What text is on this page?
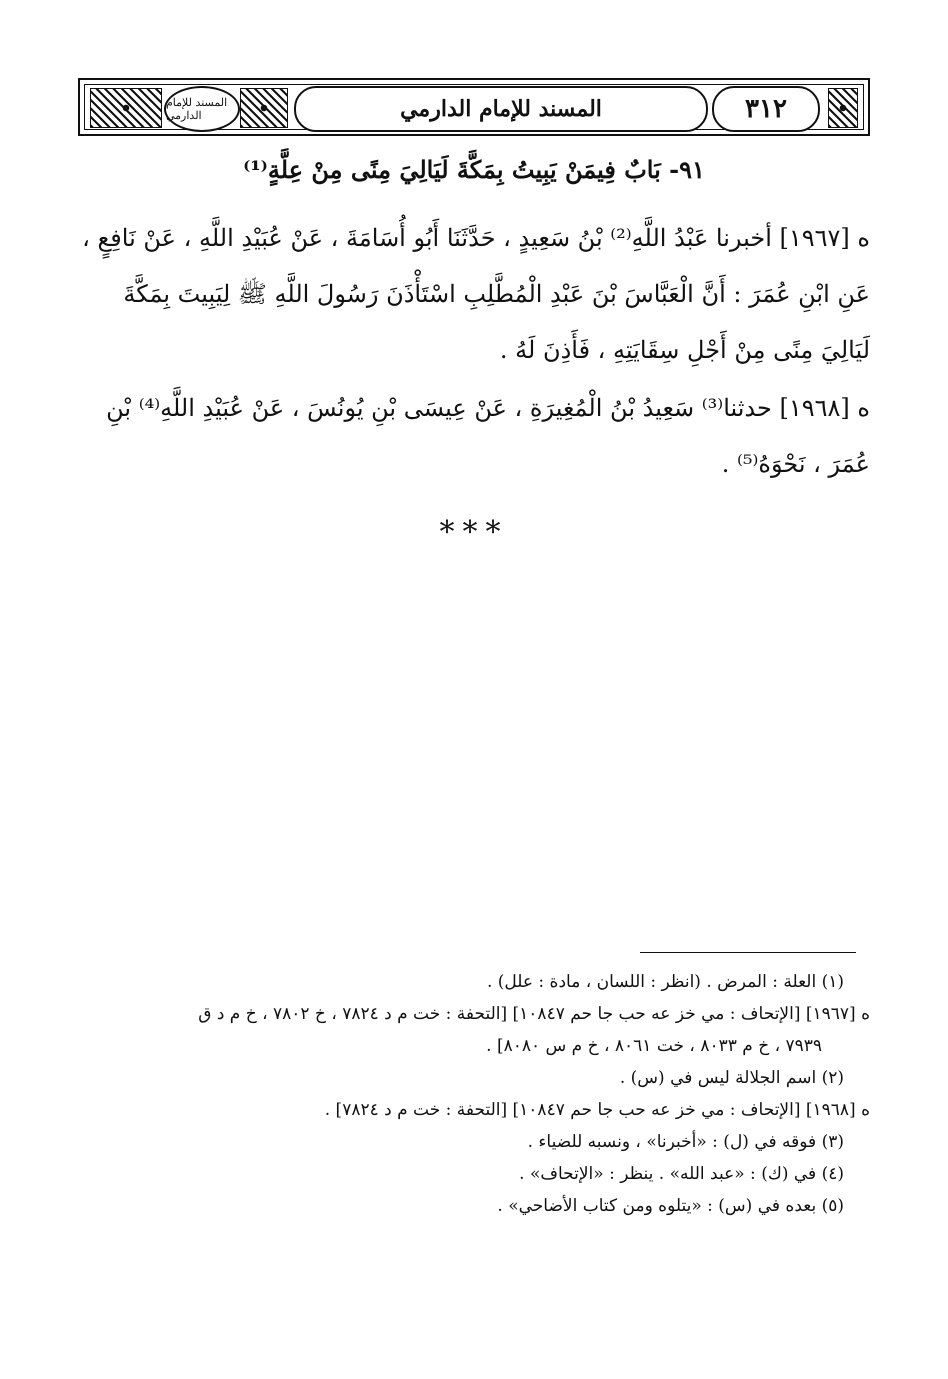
المسند للإمام الدارمي	المسند للإمام الدارمي	٣١٢
٩١- بَابٌ فِيمَنْ يَبِيتُ بِمَكَّةَ لَيَالِيَ مِنًى مِنْ عِلَّةٍ⁽¹⁾
ه [١٩٦٧] أخبرنا عَبْدُ اللَّهِ⁽²⁾ بْنُ سَعِيدٍ ، حَدَّثَنَا أَبُو أُسَامَةَ ، عَنْ عُبَيْدِ اللَّهِ ، عَنْ نَافِعٍ ، عَنِ ابْنِ عُمَرَ : أَنَّ الْعَبَّاسَ بْنَ عَبْدِ الْمُطَّلِبِ اسْتَأْذَنَ رَسُولَ اللَّهِ ﷺ لِيَبِيتَ بِمَكَّةَ لَيَالِيَ مِنًى مِنْ أَجْلِ سِقَايَتِهِ ، فَأَذِنَ لَهُ .
ه [١٩٦٨] حدثنا⁽³⁾ سَعِيدُ بْنُ الْمُغِيرَةِ ، عَنْ عِيسَى بْنِ يُونُسَ ، عَنْ عُبَيْدِ اللَّهِ⁽⁴⁾ بْنِ عُمَرَ ، نَحْوَهُ⁽⁵⁾ .
***
(١) العلة : المرض . (انظر : اللسان ، مادة : علل) .
ه [١٩٦٧] [الإتحاف : مي خز عه حب جا حم ١٠٨٤٧] [التحفة : خت م د ٧٨٢٤ ، خ ٧٨٠٢ ، خ م د ق
٧٩٣٩ ، خ م ٨٠٣٣ ، خت ٨٠٦١ ، خ م س ٨٠٨٠] .
(٢) اسم الجلالة ليس في (س) .
ه [١٩٦٨] [الإتحاف : مي خز عه حب جا حم ١٠٨٤٧] [التحفة : خت م د ٧٨٢٤] .
(٣) فوقه في (ل) : «أخبرنا» ، ونسبه للضياء .
(٤) في (ك) : «عبد الله» . ينظر : «الإتحاف» .
(٥) بعده في (س) : «يتلوه ومن كتاب الأضاحي» .
